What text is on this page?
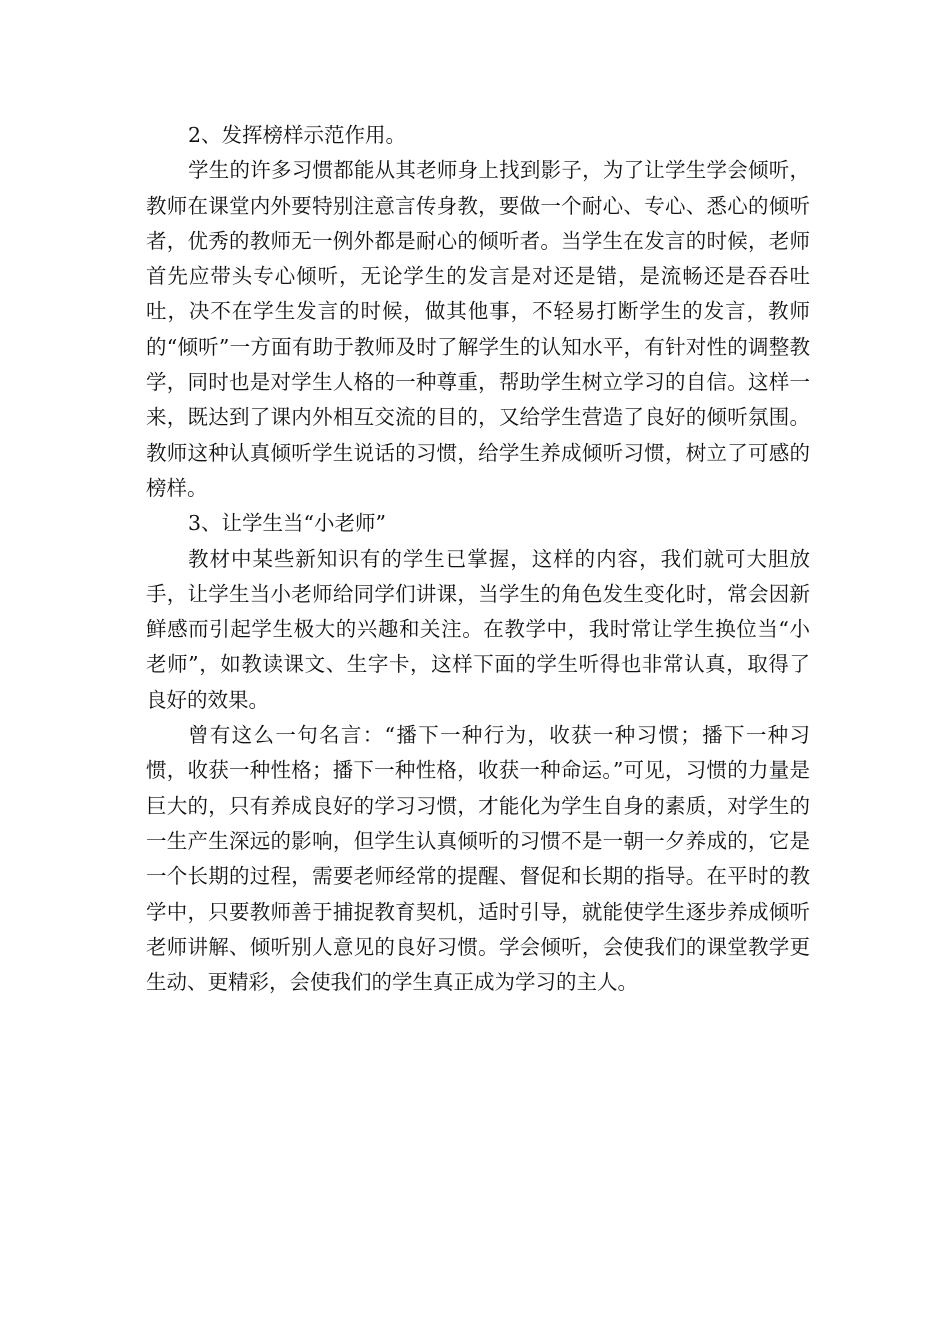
2、发挥榜样示范作用。

学生的许多习惯都能从其老师身上找到影子，为了让学生学会倾听，教师在课堂内外要特别注意言传身教，要做一个耐心、专心、悉心的倾听者，优秀的教师无一例外都是耐心的倾听者。当学生在发言的时候，老师首先应带头专心倾听，无论学生的发言是对还是错，是流畅还是吞吞吐吐，决不在学生发言的时候，做其他事，不轻易打断学生的发言，教师的“倾听”一方面有助于教师及时了解学生的认知水平，有针对性的调整教学，同时也是对学生人格的一种尊重，帮助学生树立学习的自信。这样一来，既达到了课内外相互交流的目的，又给学生营造了良好的倾听氛围。教师这种认真倾听学生说话的习惯，给学生养成倾听习惯，树立了可感的榜样。

3、让学生当“小老师”

教材中某些新知识有的学生已掌握，这样的内容，我们就可大胆放手，让学生当小老师给同学们讲课，当学生的角色发生变化时，常会因新鲜感而引起学生极大的兴趣和关注。在教学中，我时常让学生换位当“小老师”，如教读课文、生字卡，这样下面的学生听得也非常认真，取得了良好的效果。

曾有这么一句名言：“播下一种行为，收获一种习惯；播下一种习惯，收获一种性格；播下一种性格，收获一种命运。”可见，习惯的力量是巨大的，只有养成良好的学习习惯，才能化为学生自身的素质，对学生的一生产生深远的影响，但学生认真倾听的习惯不是一朝一夕养成的，它是一个长期的过程，需要老师经常的提醒、督促和长期的指导。在平时的教学中，只要教师善于捕捉教育契机，适时引导，就能使学生逐步养成倾听老师讲解、倾听别人意见的良好习惯。学会倾听，会使我们的课堂教学更生动、更精彩，会使我们的学生真正成为学习的主人。
